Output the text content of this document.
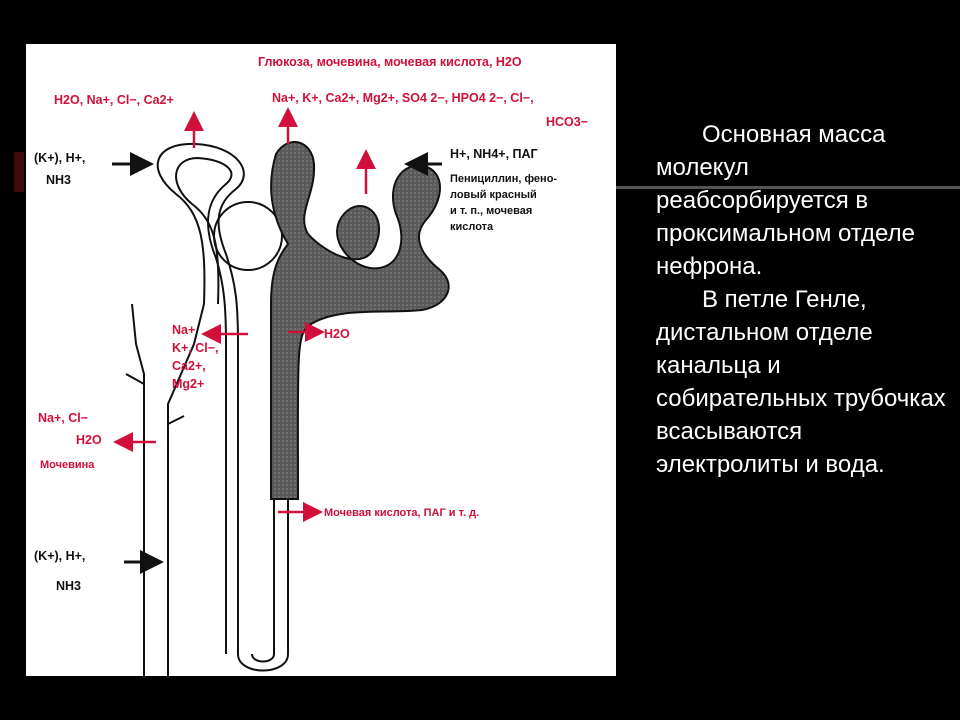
Глюкоза, мочевина, мочевая кислота, H2O
H2O, Na+, Cl−, Ca2+	Na+, K+, Ca2+, Mg2+, SO4 2−, HPO4 2−, Cl−,
HCO3−
(K+), H+,
NH3
H+, NH4+, ПАГ
Пенициллин, фено-
ловый красный
и т. п., мочевая
кислота
Na+
K+, Cl−,
Ca2+,
Mg2+
H2O
Na+, Cl−
H2O
Мочевина
Мочевая кислота, ПАГ и т. д.
(K+), H+,
NH3

Основная масса молекул реабсорбируется в проксимальном отделе нефрона.

В петле Генле, дистальном отделе канальца и собирательных трубочках всасываются электролиты и вода.
